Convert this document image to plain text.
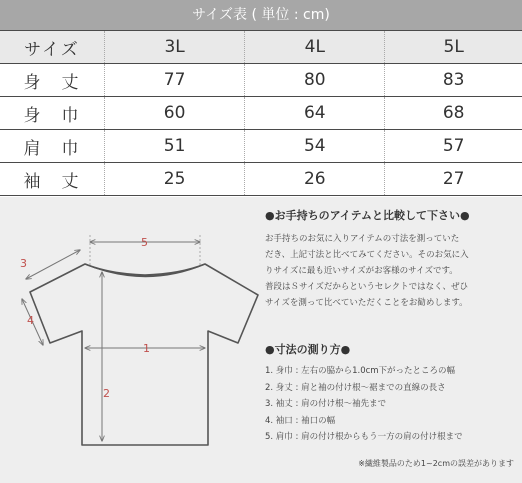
サイズ表 ( 単位 : cm)
サイズ	3L	4L	5L
身　丈	77	80	83
身　巾	60	64	68
肩　巾	51	54	57
袖　丈	25	26	27
5
3
4
1
2
●お手持ちのアイテムと比較して下さい●

お手持ちのお気に入りアイテムの寸法を測っていた

だき、上記寸法と比べてみてください。そのお気に入

りサイズに最も近いサイズがお客様のサイズです。

普段はＳサイズだからというセレクトではなく、ぜひ

サイズを測って比べていただくことをお勧めします。

●寸法の測り方●
1. 身巾 : 左右の脇から1.0cm下がったところの幅
2. 身丈 : 肩と袖の付け根〜裾までの直線の長さ
3. 袖丈 : 肩の付け根〜袖先まで
4. 袖口 : 袖口の幅
5. 肩巾 : 肩の付け根からもう一方の肩の付け根まで
※繊維製品のため1~2cmの誤差があります
